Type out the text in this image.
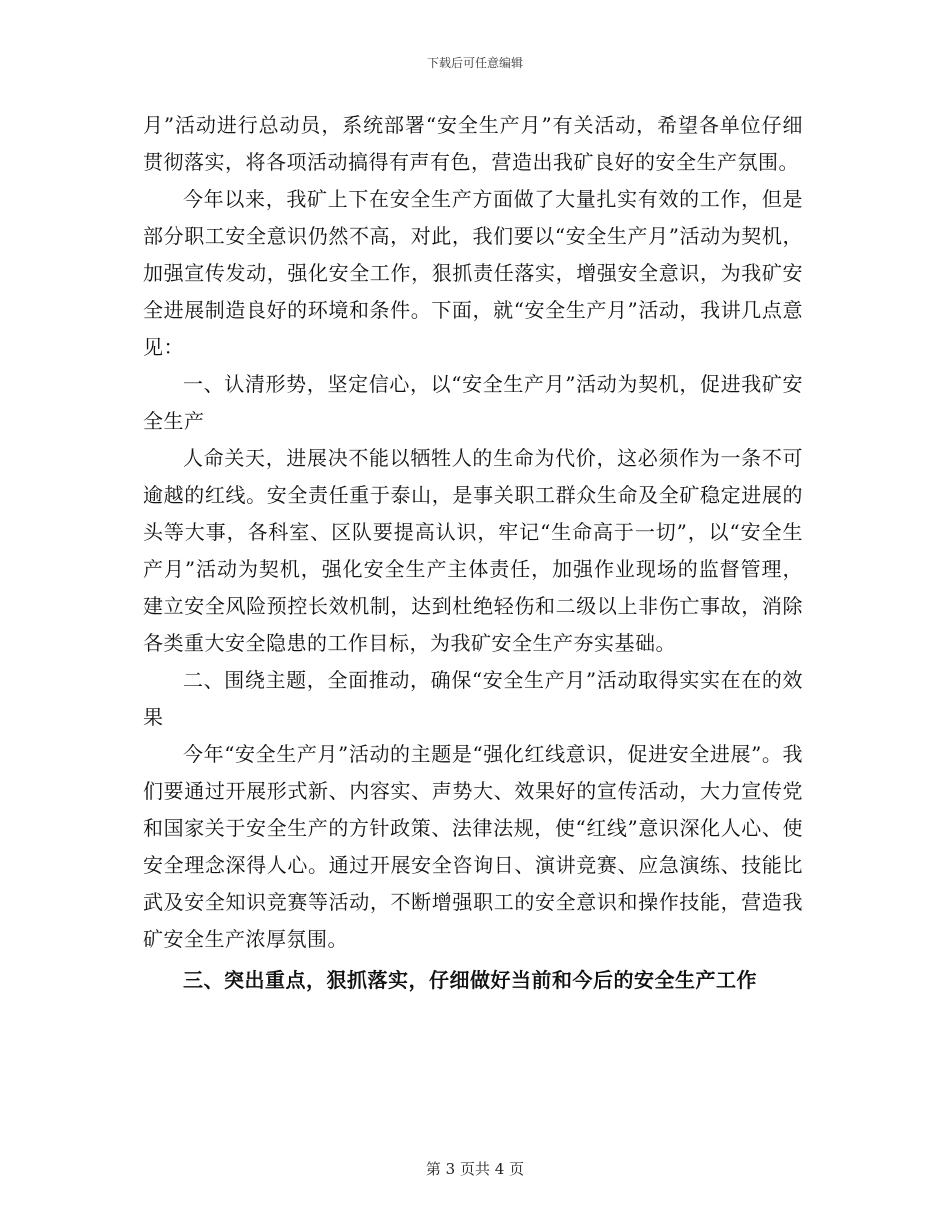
下载后可任意编辑

月”活动进行总动员，系统部署“安全生产月”有关活动，希望各单位仔细贯彻落实，将各项活动搞得有声有色，营造出我矿良好的安全生产氛围。

今年以来，我矿上下在安全生产方面做了大量扎实有效的工作，但是部分职工安全意识仍然不高，对此，我们要以“安全生产月”活动为契机，加强宣传发动，强化安全工作，狠抓责任落实，增强安全意识，为我矿安全进展制造良好的环境和条件。下面，就“安全生产月”活动，我讲几点意见：

一、认清形势，坚定信心，以“安全生产月”活动为契机，促进我矿安全生产

人命关天，进展决不能以牺牲人的生命为代价，这必须作为一条不可逾越的红线。安全责任重于泰山，是事关职工群众生命及全矿稳定进展的头等大事，各科室、区队要提高认识，牢记“生命高于一切”，以“安全生产月”活动为契机，强化安全生产主体责任，加强作业现场的监督管理，建立安全风险预控长效机制，达到杜绝轻伤和二级以上非伤亡事故，消除各类重大安全隐患的工作目标，为我矿安全生产夯实基础。

二、围绕主题，全面推动，确保“安全生产月”活动取得实实在在的效果

今年“安全生产月”活动的主题是“强化红线意识，促进安全进展”。我们要通过开展形式新、内容实、声势大、效果好的宣传活动，大力宣传党和国家关于安全生产的方针政策、法律法规，使“红线”意识深化人心、使安全理念深得人心。通过开展安全咨询日、演讲竞赛、应急演练、技能比武及安全知识竞赛等活动，不断增强职工的安全意识和操作技能，营造我矿安全生产浓厚氛围。

三、突出重点，狠抓落实，仔细做好当前和今后的安全生产工作

第 3 页共 4 页
